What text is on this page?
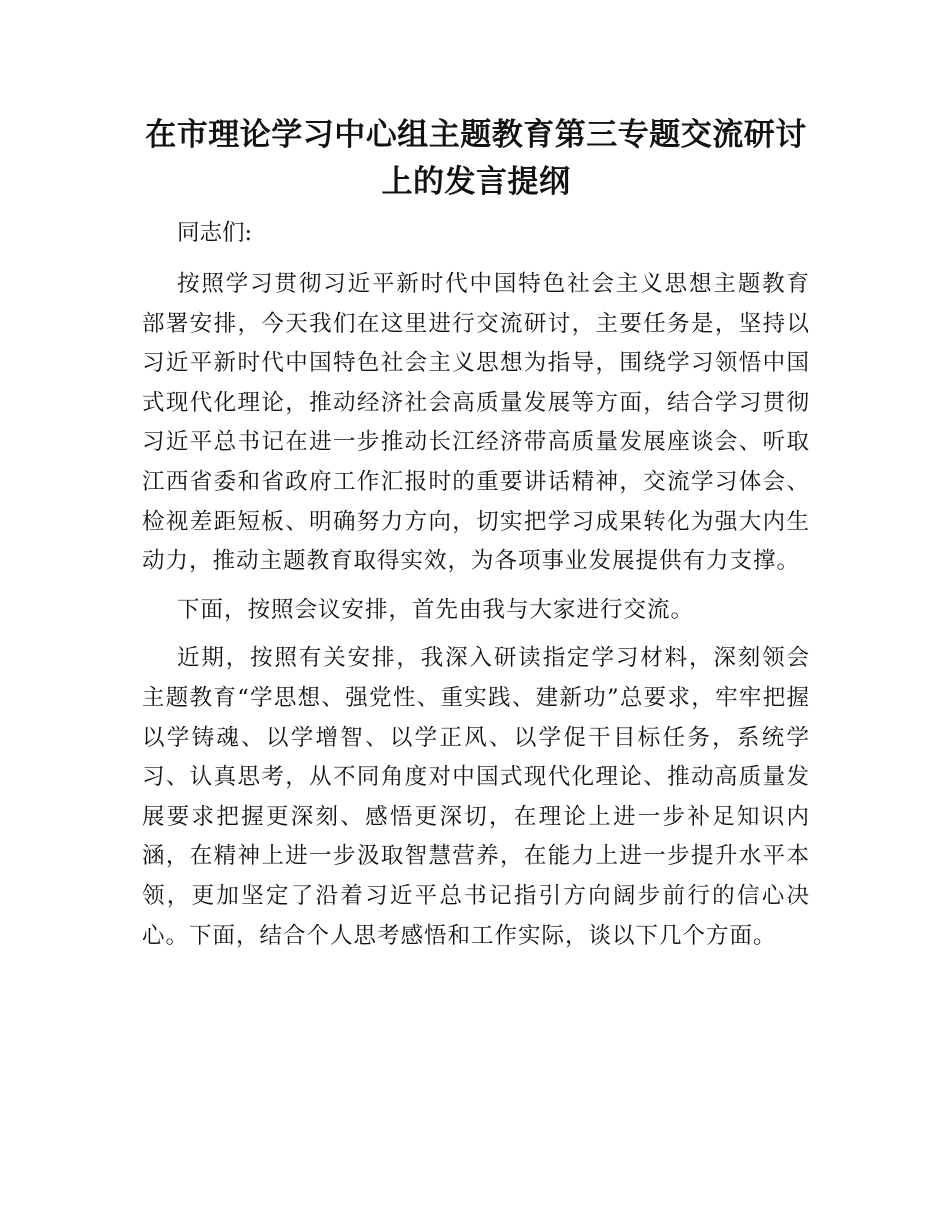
在市理论学习中心组主题教育第三专题交流研讨上的发言提纲

同志们:

按照学习贯彻习近平新时代中国特色社会主义思想主题教育部署安排，今天我们在这里进行交流研讨，主要任务是，坚持以习近平新时代中国特色社会主义思想为指导，围绕学习领悟中国式现代化理论，推动经济社会高质量发展等方面，结合学习贯彻习近平总书记在进一步推动长江经济带高质量发展座谈会、听取江西省委和省政府工作汇报时的重要讲话精神，交流学习体会、检视差距短板、明确努力方向，切实把学习成果转化为强大内生动力，推动主题教育取得实效，为各项事业发展提供有力支撑。

下面，按照会议安排，首先由我与大家进行交流。

近期，按照有关安排，我深入研读指定学习材料，深刻领会主题教育“学思想、强党性、重实践、建新功”总要求，牢牢把握以学铸魂、以学增智、以学正风、以学促干目标任务，系统学习、认真思考，从不同角度对中国式现代化理论、推动高质量发展要求把握更深刻、感悟更深切，在理论上进一步补足知识内涵，在精神上进一步汲取智慧营养，在能力上进一步提升水平本领，更加坚定了沿着习近平总书记指引方向阔步前行的信心决心。下面，结合个人思考感悟和工作实际，谈以下几个方面。
